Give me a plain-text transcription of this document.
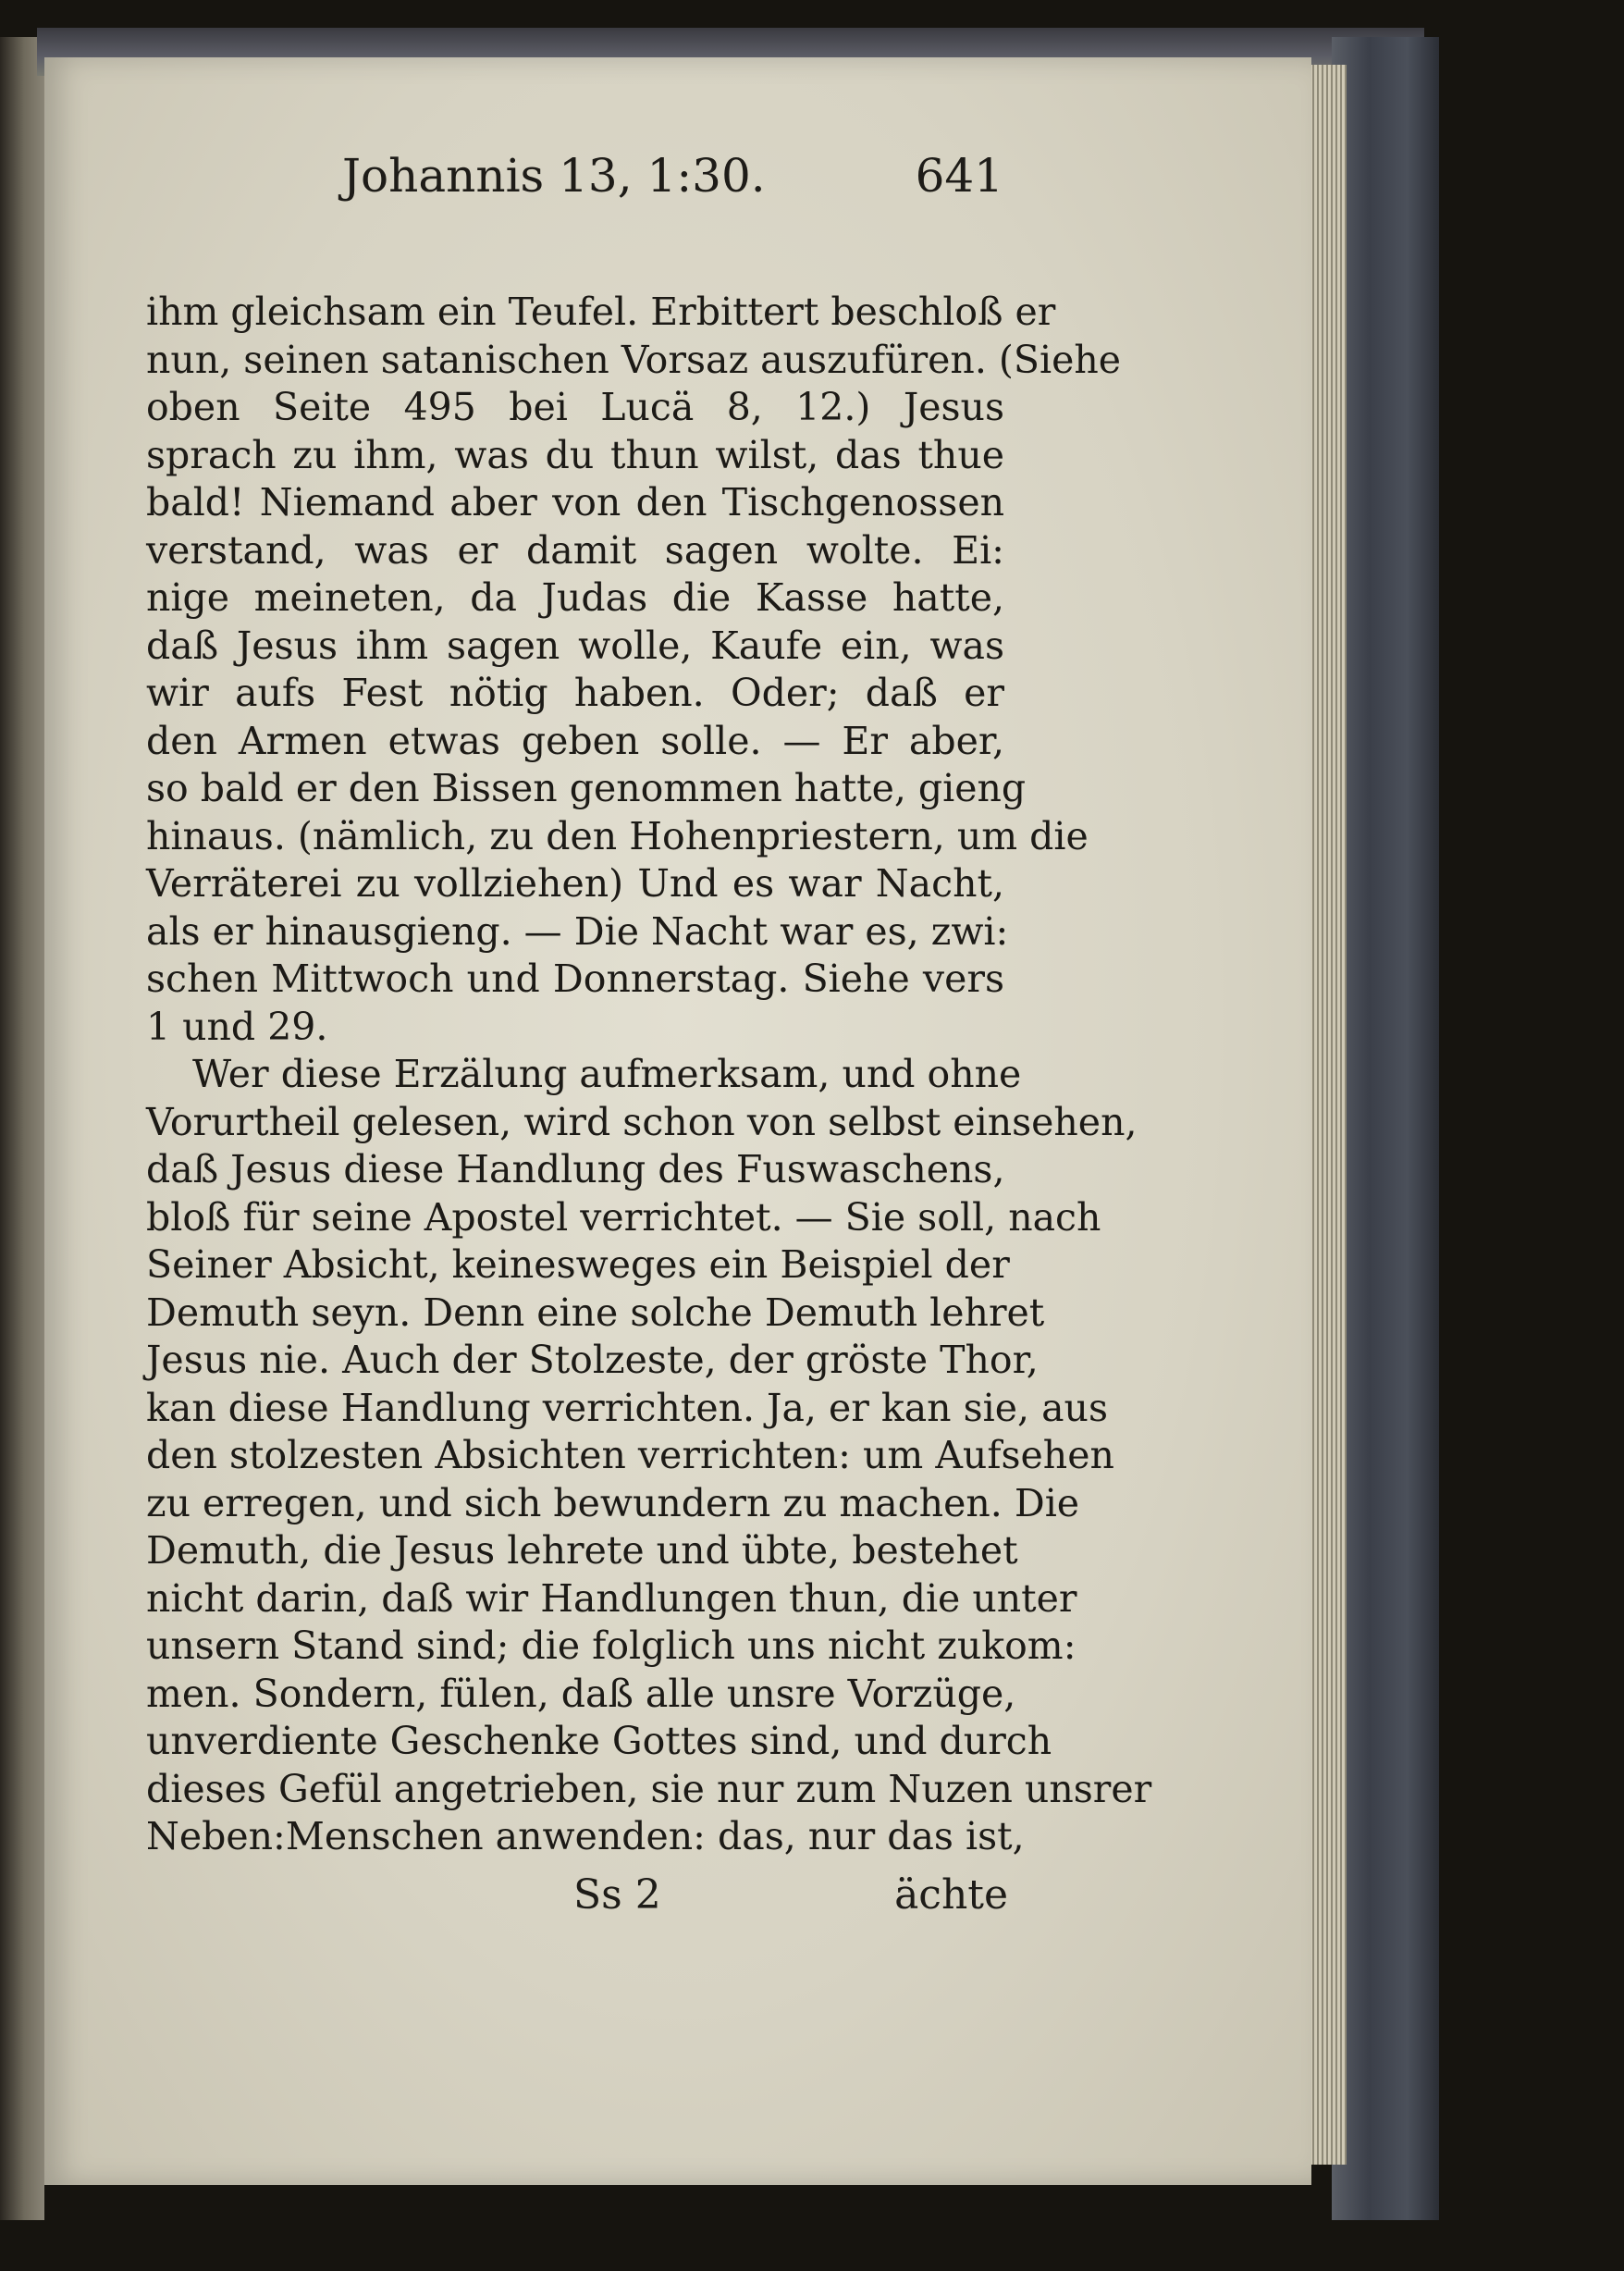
Johannis 13, 1:30.	641
ihm gleichsam ein Teufel. Erbittert beschloß er
nun, seinen satanischen Vorsaz auszufüren. (Siehe
oben Seite 495 bei Lucä 8, 12.) Jesus
sprach zu ihm, was du thun wilst, das thue
bald! Niemand aber von den Tischgenossen
verstand, was er damit sagen wolte. Ei:
nige meineten, da Judas die Kasse hatte,
daß Jesus ihm sagen wolle, Kaufe ein, was
wir aufs Fest nötig haben. Oder; daß er
den Armen etwas geben solle. — Er aber,
so bald er den Bissen genommen hatte, gieng
hinaus. (nämlich, zu den Hohenpriestern, um die
Verräterei zu vollziehen) Und es war Nacht,
als er hinausgieng. — Die Nacht war es, zwi:
schen Mittwoch und Donnerstag. Siehe vers
1 und 29.
Wer diese Erzälung aufmerksam, und ohne
Vorurtheil gelesen, wird schon von selbst einsehen,
daß Jesus diese Handlung des Fuswaschens,
bloß für seine Apostel verrichtet. — Sie soll, nach
Seiner Absicht, keinesweges ein Beispiel der
Demuth seyn. Denn eine solche Demuth lehret
Jesus nie. Auch der Stolzeste, der gröste Thor,
kan diese Handlung verrichten. Ja, er kan sie, aus
den stolzesten Absichten verrichten: um Aufsehen
zu erregen, und sich bewundern zu machen. Die
Demuth, die Jesus lehrete und übte, bestehet
nicht darin, daß wir Handlungen thun, die unter
unsern Stand sind; die folglich uns nicht zukom:
men. Sondern, fülen, daß alle unsre Vorzüge,
unverdiente Geschenke Gottes sind, und durch
dieses Gefül angetrieben, sie nur zum Nuzen unsrer
Neben:Menschen anwenden: das, nur das ist,
Ss 2	ächte
